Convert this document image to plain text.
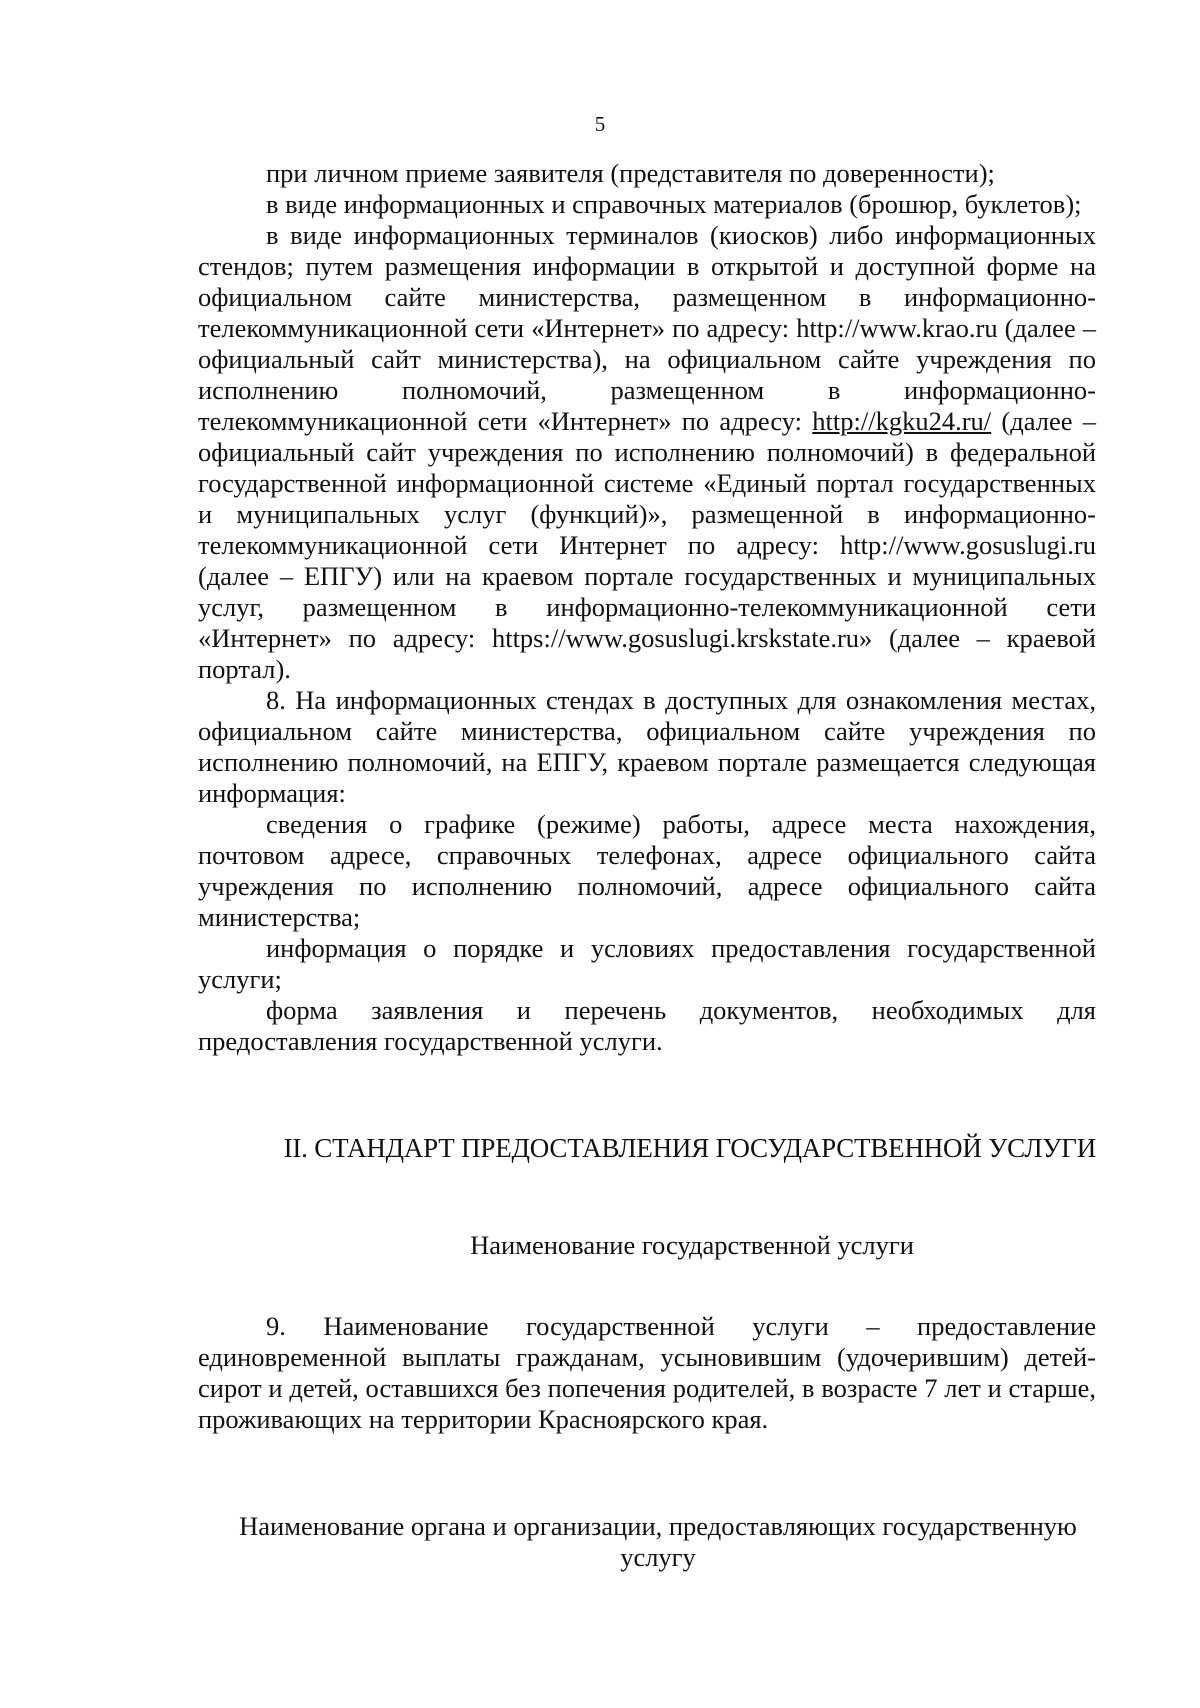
5

при личном приеме заявителя (представителя по доверенности);

в виде информационных и справочных материалов (брошюр, буклетов);

в виде информационных терминалов (киосков) либо информационных стендов; путем размещения информации в открытой и доступной форме на официальном сайте министерства, размещенном в информационно-телекоммуникационной сети «Интернет» по адресу: http://www.krao.ru (далее – официальный сайт министерства), на официальном сайте учреждения по исполнению полномочий, размещенном в информационно-телекоммуникационной сети «Интернет» по адресу: http://kgku24.ru/ (далее – официальный сайт учреждения по исполнению полномочий) в федеральной государственной информационной системе «Единый портал государственных и муниципальных услуг (функций)», размещенной в информационно-телекоммуникационной сети Интернет по адресу: http://www.gosuslugi.ru (далее – ЕПГУ) или на краевом портале государственных и муниципальных услуг, размещенном в информационно-телекоммуникационной сети «Интернет» по адресу: https://www.gosuslugi.krskstate.ru» (далее – краевой портал).

8. На информационных стендах в доступных для ознакомления местах, официальном сайте министерства, официальном сайте учреждения по исполнению полномочий, на ЕПГУ, краевом портале размещается следующая информация:

сведения о графике (режиме) работы, адресе места нахождения, почтовом адресе, справочных телефонах, адресе официального сайта учреждения по исполнению полномочий, адресе официального сайта министерства;

информация о порядке и условиях предоставления государственной услуги;

форма заявления и перечень документов, необходимых для предоставления государственной услуги.

II. СТАНДАРТ ПРЕДОСТАВЛЕНИЯ ГОСУДАРСТВЕННОЙ УСЛУГИ
Наименование государственной услуги

9. Наименование государственной услуги – предоставление единовременной выплаты гражданам, усыновившим (удочерившим) детей-сирот и детей, оставшихся без попечения родителей, в возрасте 7 лет и старше, проживающих на территории Красноярского края.

Наименование органа и организации, предоставляющих государственную услугу
